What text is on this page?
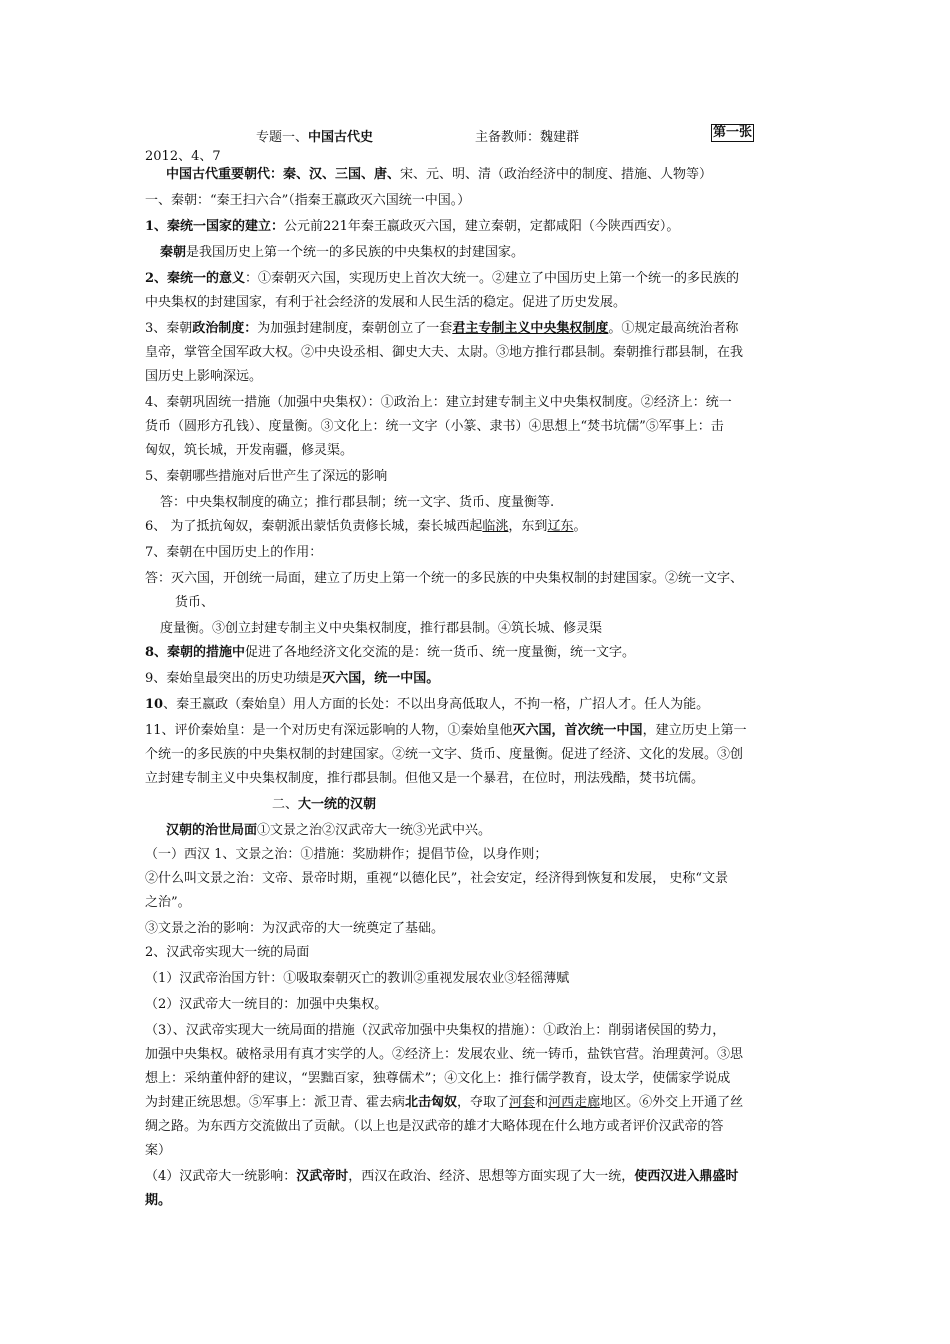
专题一、中国古代史	主备教师：魏建群	第一张
2012、4、7
中国古代重要朝代：秦、汉、三国、唐、宋、元、明、清（政治经济中的制度、措施、人物等）
一、秦朝：“秦王扫六合”（指秦王嬴政灭六国统一中国。）
1、秦统一国家的建立：公元前221年秦王嬴政灭六国，建立秦朝，定都咸阳（今陕西西安）。
秦朝是我国历史上第一个统一的多民族的中央集权的封建国家。
2、秦统一的意义：①秦朝灭六国，实现历史上首次大统一。②建立了中国历史上第一个统一的多民族的
中央集权的封建国家，有利于社会经济的发展和人民生活的稳定。促进了历史发展。
3、秦朝政治制度：为加强封建制度，秦朝创立了一套君主专制主义中央集权制度。①规定最高统治者称
皇帝，掌管全国军政大权。②中央设丞相、御史大夫、太尉。③地方推行郡县制。秦朝推行郡县制，在我
国历史上影响深远。
4、秦朝巩固统一措施（加强中央集权）：①政治上：建立封建专制主义中央集权制度。②经济上：统一
货币（圆形方孔钱）、度量衡。③文化上：统一文字（小篆、隶书）④思想上“焚书坑儒”⑤军事上：击
匈奴，筑长城，开发南疆，修灵渠。
5、秦朝哪些措施对后世产生了深远的影响
答：中央集权制度的确立；推行郡县制；统一文字、货币、度量衡等.
6、 为了抵抗匈奴，秦朝派出蒙恬负责修长城，秦长城西起临洮，东到辽东。
7、秦朝在中国历史上的作用：
答：灭六国，开创统一局面，建立了历史上第一个统一的多民族的中央集权制的封建国家。②统一文字、
货币、
度量衡。③创立封建专制主义中央集权制度，推行郡县制。④筑长城、修灵渠
8、秦朝的措施中促进了各地经济文化交流的是：统一货币、统一度量衡，统一文字。
9、秦始皇最突出的历史功绩是灭六国，统一中国。
10、秦王嬴政（秦始皇）用人方面的长处：不以出身高低取人，不拘一格，广招人才。任人为能。
11、评价秦始皇：是一个对历史有深远影响的人物，①秦始皇他灭六国，首次统一中国，建立历史上第一
个统一的多民族的中央集权制的封建国家。②统一文字、货币、度量衡。促进了经济、文化的发展。③创
立封建专制主义中央集权制度，推行郡县制。但他又是一个暴君，在位时，刑法残酷，焚书坑儒。
二、大一统的汉朝
汉朝的治世局面①文景之治②汉武帝大一统③光武中兴。
（一）西汉 1、文景之治：①措施：奖励耕作；提倡节俭，以身作则；
②什么叫文景之治：文帝、景帝时期，重视“以德化民”，社会安定，经济得到恢复和发展， 史称“文景
之治”。
③文景之治的影响：为汉武帝的大一统奠定了基础。
2、汉武帝实现大一统的局面
（1）汉武帝治国方针：①吸取秦朝灭亡的教训②重视发展农业③轻徭薄赋
（2）汉武帝大一统目的：加强中央集权。
（3）、汉武帝实现大一统局面的措施（汉武帝加强中央集权的措施）：①政治上：削弱诸侯国的势力，
加强中央集权。破格录用有真才实学的人。②经济上：发展农业、统一铸币，盐铁官营。治理黄河。③思
想上：采纳董仲舒的建议，“罢黜百家，独尊儒术”；④文化上：推行儒学教育，设太学，使儒家学说成
为封建正统思想。⑤军事上：派卫青、霍去病北击匈奴，夺取了河套和河西走廊地区。⑥外交上开通了丝
绸之路。为东西方交流做出了贡献。（以上也是汉武帝的雄才大略体现在什么地方或者评价汉武帝的答
案）
（4）汉武帝大一统影响：汉武帝时，西汉在政治、经济、思想等方面实现了大一统，使西汉进入鼎盛时
期。
